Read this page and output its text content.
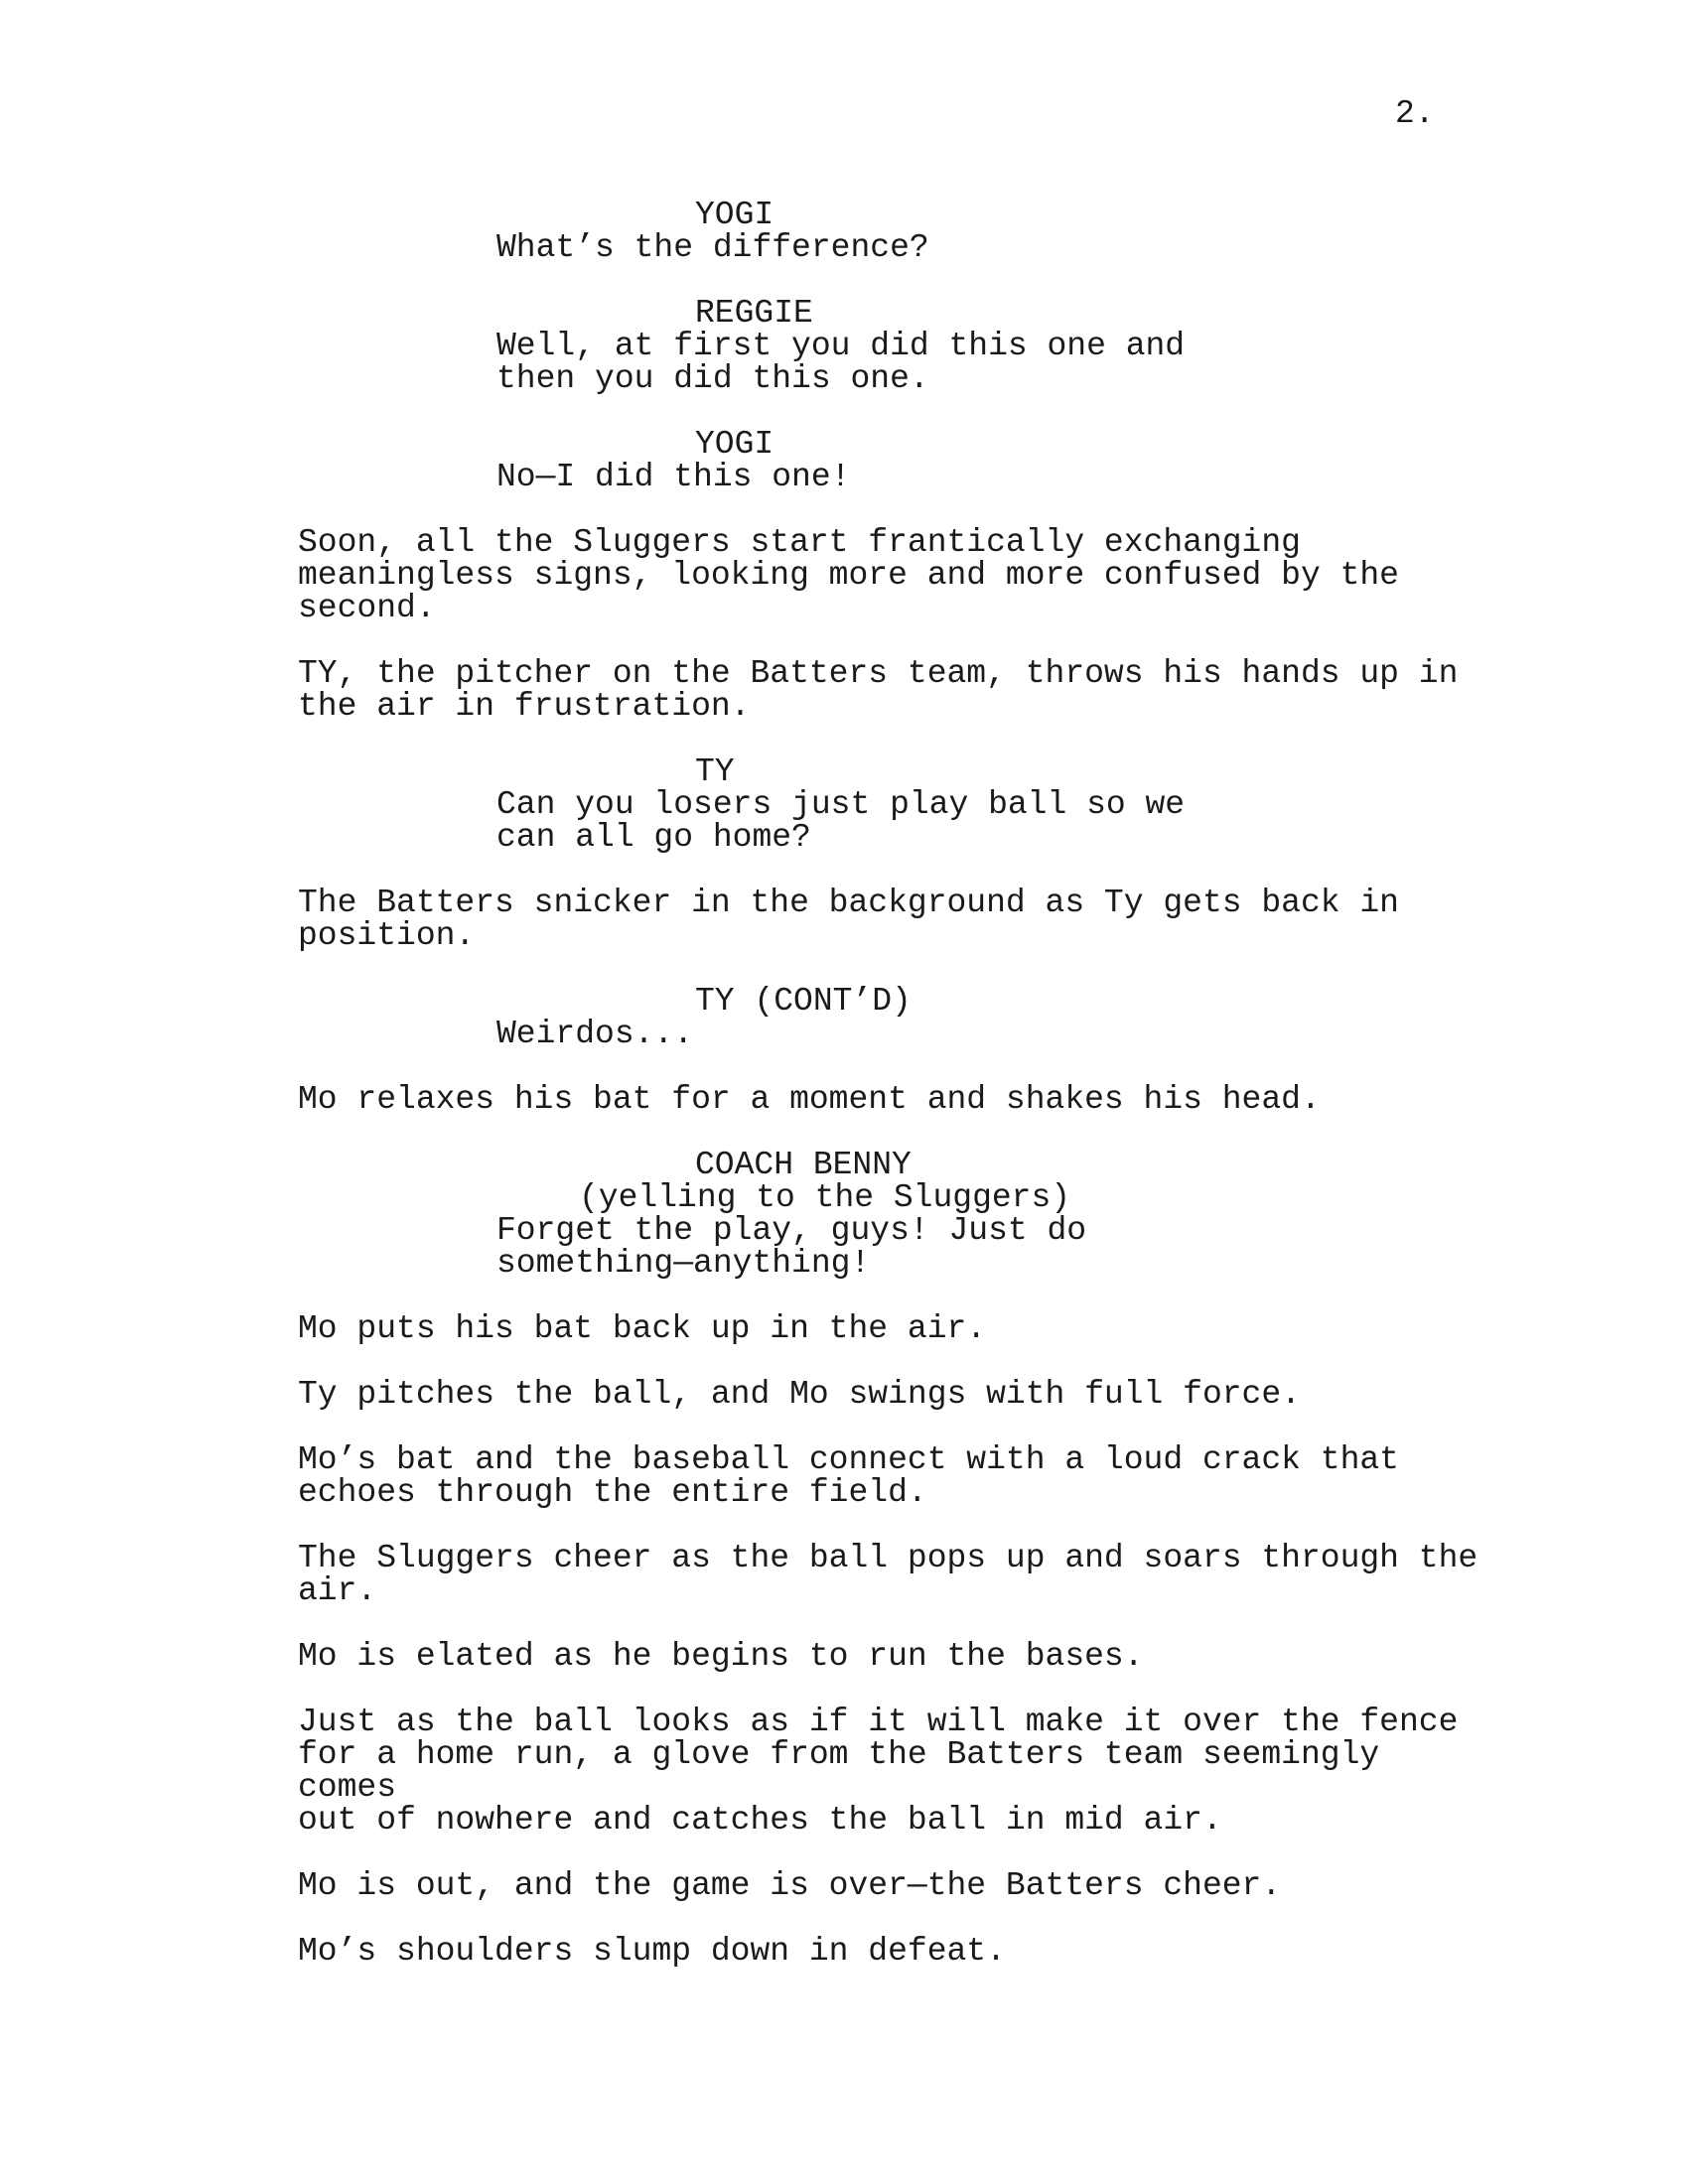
2.
YOGI
What’s the difference?
REGGIE
Well, at first you did this one and
then you did this one.
YOGI
No—I did this one!
Soon, all the Sluggers start frantically exchanging
meaningless signs, looking more and more confused by the
second.
TY, the pitcher on the Batters team, throws his hands up in
the air in frustration.
TY
Can you losers just play ball so we
can all go home?
The Batters snicker in the background as Ty gets back in
position.
TY (CONT’D)
Weirdos...
Mo relaxes his bat for a moment and shakes his head.
COACH BENNY
(yelling to the Sluggers)
Forget the play, guys! Just do
something—anything!
Mo puts his bat back up in the air.
Ty pitches the ball, and Mo swings with full force.
Mo’s bat and the baseball connect with a loud crack that
echoes through the entire field.
The Sluggers cheer as the ball pops up and soars through the
air.
Mo is elated as he begins to run the bases.
Just as the ball looks as if it will make it over the fence
for a home run, a glove from the Batters team seemingly comes
out of nowhere and catches the ball in mid air.
Mo is out, and the game is over—the Batters cheer.
Mo’s shoulders slump down in defeat.
